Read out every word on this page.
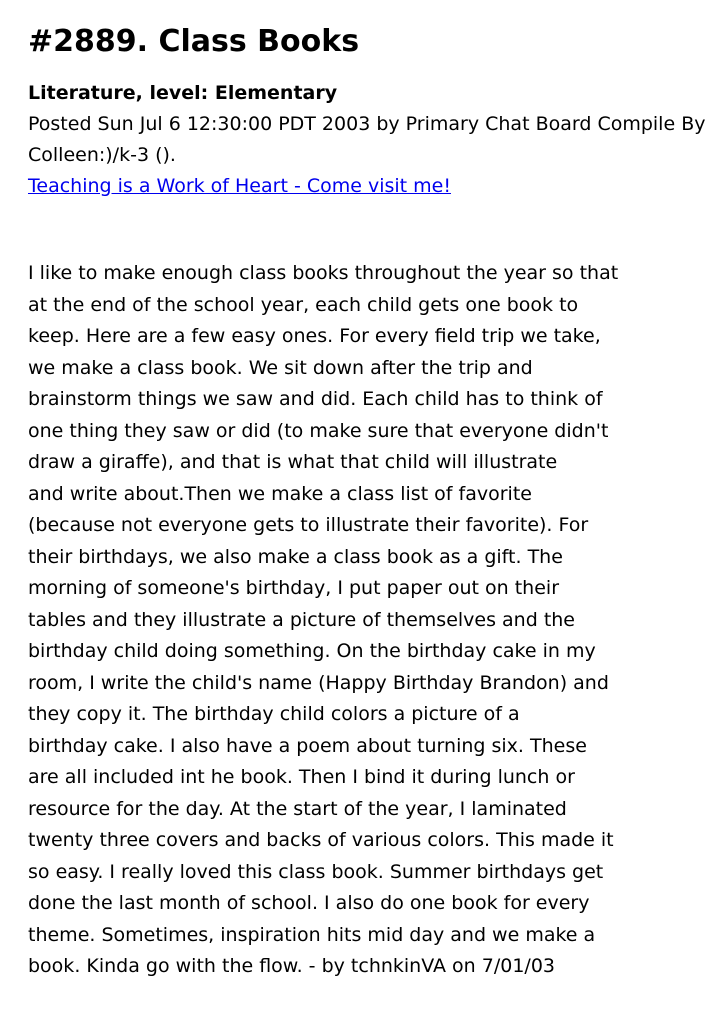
#2889. Class Books
Literature, level: Elementary
Posted Sun Jul 6 12:30:00 PDT 2003 by Primary Chat Board Compile By
Colleen:)/k-3 ().
Teaching is a Work of Heart - Come visit me!
I like to make enough class books throughout the year so that
at the end of the school year, each child gets one book to
keep. Here are a few easy ones. For every field trip we take,
we make a class book. We sit down after the trip and
brainstorm things we saw and did. Each child has to think of
one thing they saw or did (to make sure that everyone didn't
draw a giraffe), and that is what that child will illustrate
and write about.Then we make a class list of favorite
(because not everyone gets to illustrate their favorite). For
their birthdays, we also make a class book as a gift. The
morning of someone's birthday, I put paper out on their
tables and they illustrate a picture of themselves and the
birthday child doing something. On the birthday cake in my
room, I write the child's name (Happy Birthday Brandon) and
they copy it. The birthday child colors a picture of a
birthday cake. I also have a poem about turning six. These
are all included int he book. Then I bind it during lunch or
resource for the day. At the start of the year, I laminated
twenty three covers and backs of various colors. This made it
so easy. I really loved this class book. Summer birthdays get
done the last month of school. I also do one book for every
theme. Sometimes, inspiration hits mid day and we make a
book. Kinda go with the flow. - by tchnkinVA on 7/01/03
